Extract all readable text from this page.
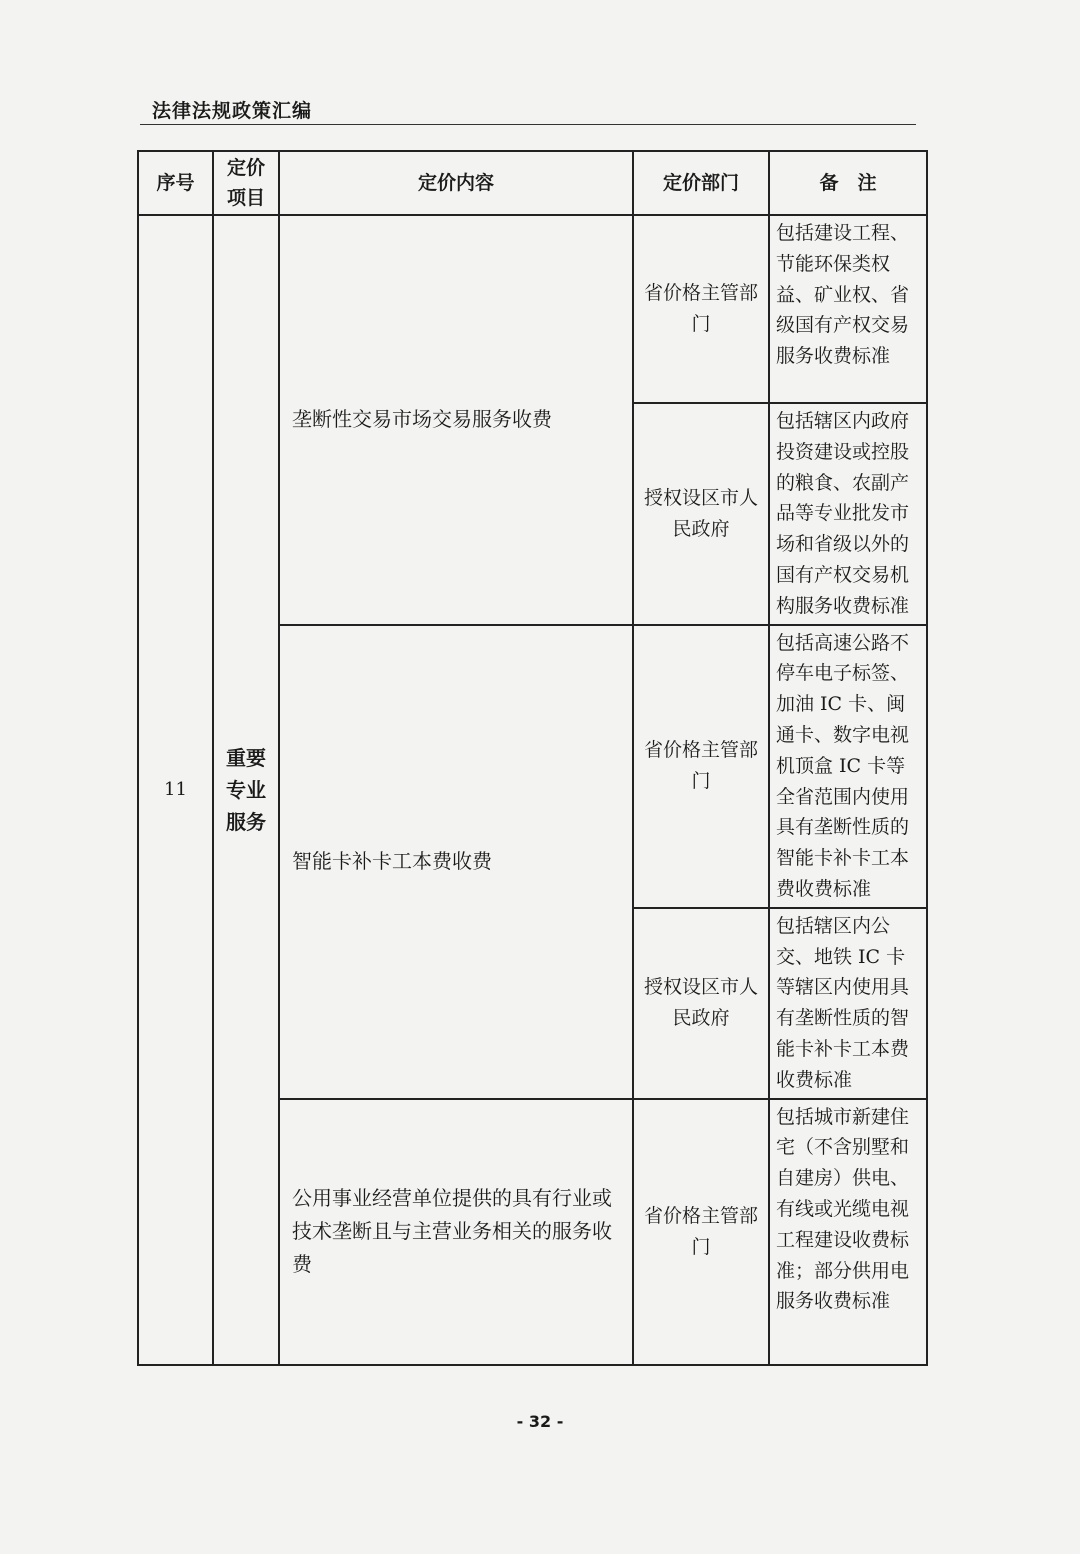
法律法规政策汇编
序号	定价项目	定价内容	定价部门	备　注
11	重要专业服务	垄断性交易市场交易服务收费	省价格主管部门	包括建设工程、节能环保类权益、矿业权、省级国有产权交易服务收费标准
			授权设区市人民政府	包括辖区内政府投资建设或控股的粮食、农副产品等专业批发市场和省级以外的国有产权交易机构服务收费标准
		智能卡补卡工本费收费	省价格主管部门	包括高速公路不停车电子标签、加油 IC 卡、闽通卡、数字电视机顶盒 IC 卡等全省范围内使用具有垄断性质的智能卡补卡工本费收费标准
			授权设区市人民政府	包括辖区内公交、地铁 IC 卡等辖区内使用具有垄断性质的智能卡补卡工本费收费标准
		公用事业经营单位提供的具有行业或技术垄断且与主营业务相关的服务收费	省价格主管部门	包括城市新建住宅（不含别墅和自建房）供电、有线或光缆电视工程建设收费标准；部分供用电服务收费标准
- 32 -
